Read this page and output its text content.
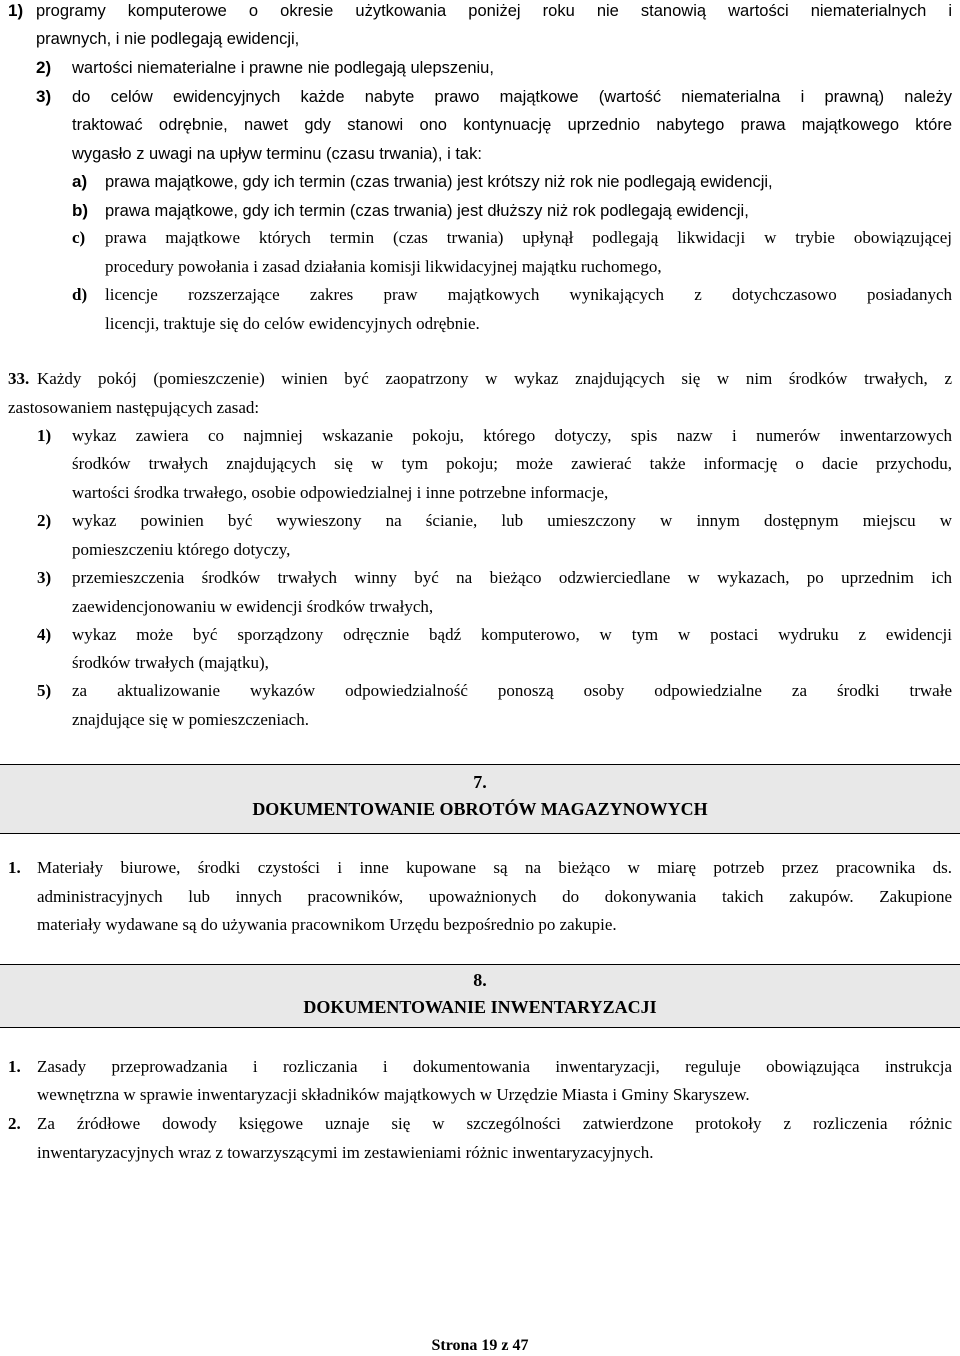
1) programy komputerowe o okresie użytkowania poniżej roku nie stanowią wartości niematerialnych i
prawnych, i nie podlegają ewidencji,
2) wartości niematerialne i prawne nie podlegają ulepszeniu,
3) do celów ewidencyjnych każde nabyte prawo majątkowe (wartość niematerialna i prawną) należy
traktować odrębnie, nawet gdy stanowi ono kontynuację uprzednio nabytego prawa majątkowego które
wygasło z uwagi na upływ terminu (czasu trwania), i tak:
a) prawa majątkowe, gdy ich termin (czas trwania) jest krótszy niż rok nie podlegają ewidencji,
b) prawa majątkowe, gdy ich termin (czas trwania) jest dłuższy niż rok podlegają ewidencji,
c) prawa majątkowe których termin (czas trwania) upłynął podlegają likwidacji w trybie obowiązującej
procedury powołania i zasad działania komisji likwidacyjnej majątku ruchomego,
d) licencje rozszerzające zakres praw majątkowych wynikających z dotychczasowo posiadanych
licencji, traktuje się do celów ewidencyjnych odrębnie.
33. Każdy pokój (pomieszczenie) winien być zaopatrzony w wykaz znajdujących się w nim środków trwałych, z
zastosowaniem następujących zasad:
1) wykaz zawiera co najmniej wskazanie pokoju, którego dotyczy, spis nazw i numerów inwentarzowych
środków trwałych znajdujących się w tym pokoju; może zawierać także informację o dacie przychodu,
wartości środka trwałego, osobie odpowiedzialnej i inne potrzebne informacje,
2) wykaz powinien być wywieszony na ścianie, lub umieszczony w innym dostępnym miejscu w
pomieszczeniu którego dotyczy,
3) przemieszczenia środków trwałych winny być na bieżąco odzwierciedlane w wykazach, po uprzednim ich
zaewidencjonowaniu w ewidencji środków trwałych,
4) wykaz może być sporządzony odręcznie bądź komputerowo, w tym w postaci wydruku z ewidencji
środków trwałych (majątku),
5) za aktualizowanie wykazów odpowiedzialność ponoszą osoby odpowiedzialne za środki trwałe
znajdujące się w pomieszczeniach.
7.
DOKUMENTOWANIE OBROTÓW MAGAZYNOWYCH
1. Materiały biurowe, środki czystości i inne kupowane są na bieżąco w miarę potrzeb przez pracownika ds.
administracyjnych lub innych pracowników, upoważnionych do dokonywania takich zakupów. Zakupione
materiały wydawane są do używania pracownikom Urzędu bezpośrednio po zakupie.
8.
DOKUMENTOWANIE INWENTARYZACJI
1. Zasady przeprowadzania i rozliczania i dokumentowania inwentaryzacji, reguluje obowiązująca instrukcja
wewnętrzna w sprawie inwentaryzacji składników majątkowych w Urzędzie Miasta i Gminy Skaryszew.
2. Za źródłowe dowody księgowe uznaje się w szczególności zatwierdzone protokoły z rozliczenia różnic
inwentaryzacyjnych wraz z towarzyszącymi im zestawieniami różnic inwentaryzacyjnych.
Strona 19 z 47
